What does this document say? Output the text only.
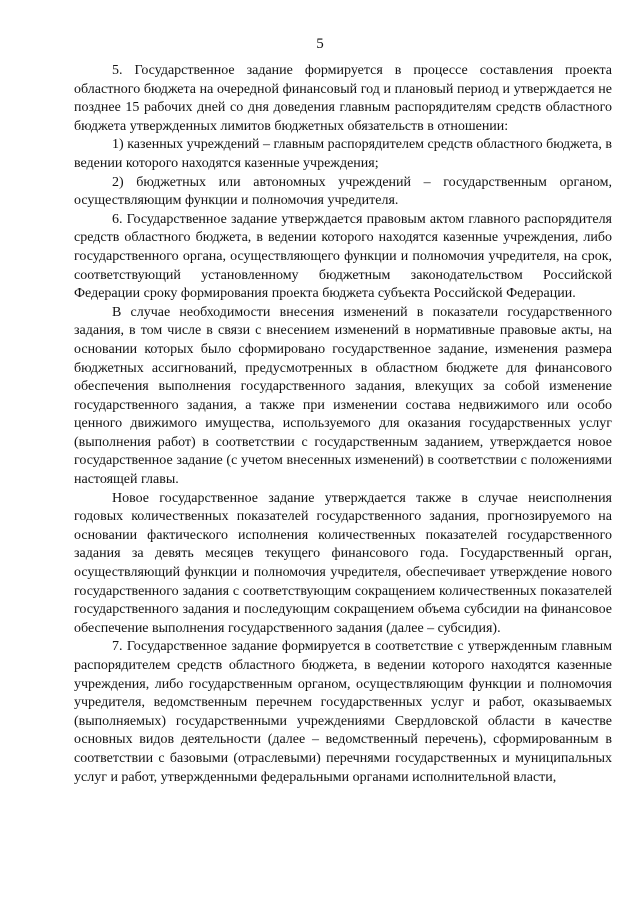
5

5. Государственное задание формируется в процессе составления проекта областного бюджета на очередной финансовый год и плановый период и утверждается не позднее 15 рабочих дней со дня доведения главным распорядителям средств областного бюджета утвержденных лимитов бюджетных обязательств в отношении:

1) казенных учреждений – главным распорядителем средств областного бюджета, в ведении которого находятся казенные учреждения;

2) бюджетных или автономных учреждений – государственным органом, осуществляющим функции и полномочия учредителя.

6. Государственное задание утверждается правовым актом главного распорядителя средств областного бюджета, в ведении которого находятся казенные учреждения, либо государственного органа, осуществляющего функции и полномочия учредителя, на срок, соответствующий установленному бюджетным законодательством Российской Федерации сроку формирования проекта бюджета субъекта Российской Федерации.

В случае необходимости внесения изменений в показатели государственного задания, в том числе в связи с внесением изменений в нормативные правовые акты, на основании которых было сформировано государственное задание, изменения размера бюджетных ассигнований, предусмотренных в областном бюджете для финансового обеспечения выполнения государственного задания, влекущих за собой изменение государственного задания, а также при изменении состава недвижимого или особо ценного движимого имущества, используемого для оказания государственных услуг (выполнения работ) в соответствии с государственным заданием, утверждается новое государственное задание (с учетом внесенных изменений) в соответствии с положениями настоящей главы.

Новое государственное задание утверждается также в случае неисполнения годовых количественных показателей государственного задания, прогнозируемого на основании фактического исполнения количественных показателей государственного задания за девять месяцев текущего финансового года. Государственный орган, осуществляющий функции и полномочия учредителя, обеспечивает утверждение нового государственного задания с соответствующим сокращением количественных показателей государственного задания и последующим сокращением объема субсидии на финансовое обеспечение выполнения государственного задания (далее – субсидия).

7. Государственное задание формируется в соответствие с утвержденным главным распорядителем средств областного бюджета, в ведении которого находятся казенные учреждения, либо государственным органом, осуществляющим функции и полномочия учредителя, ведомственным перечнем государственных услуг и работ, оказываемых (выполняемых) государственными учреждениями Свердловской области в качестве основных видов деятельности (далее – ведомственный перечень), сформированным в соответствии с базовыми (отраслевыми) перечнями государственных и муниципальных услуг и работ, утвержденными федеральными органами исполнительной власти,
